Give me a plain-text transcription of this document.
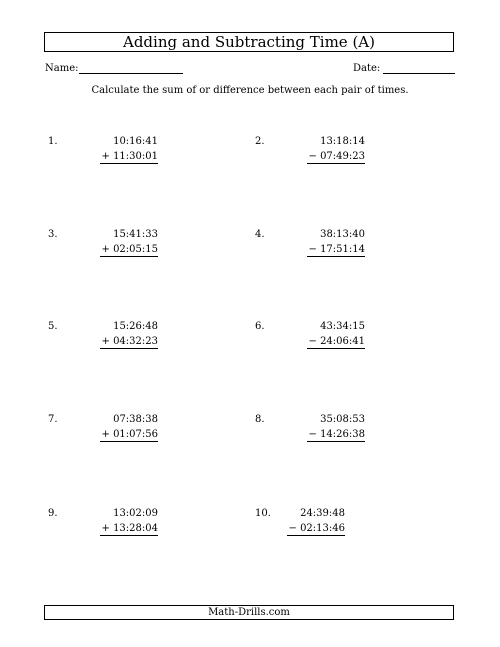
Adding and Subtracting Time (A)
Name:	Date:
Calculate the sum of or difference between each pair of times.
1.	10:16:41
+ 11:30:01
2.	13:18:14
− 07:49:23
3.	15:41:33
+ 02:05:15
4.	38:13:40
− 17:51:14
5.	15:26:48
+ 04:32:23
6.	43:34:15
− 24:06:41
7.	07:38:38
+ 01:07:56
8.	35:08:53
− 14:26:38
9.	13:02:09
+ 13:28:04
10.	24:39:48
− 02:13:46
Math-Drills.com
